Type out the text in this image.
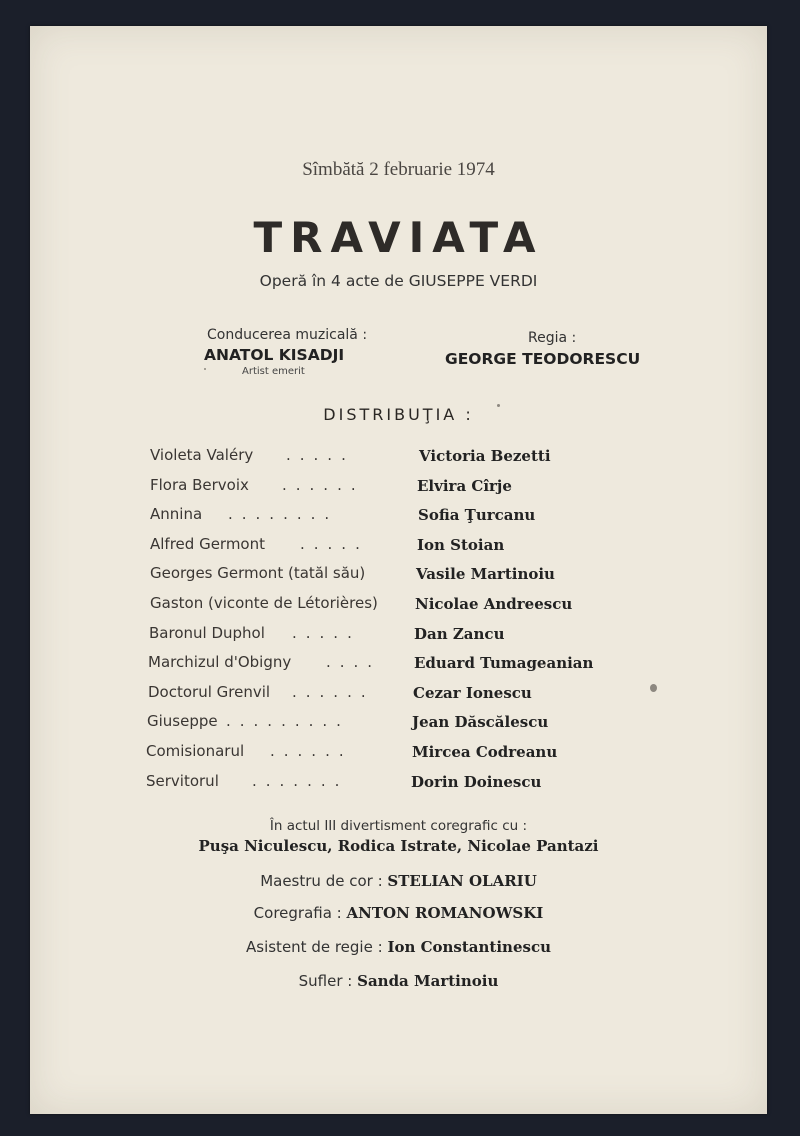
Sîmbătă 2 februarie 1974
TRAVIATA
Operă în 4 acte de GIUSEPPE VERDI
Conducerea muzicală :
ANATOL KISADJI
Artist emerit
Regia :
GEORGE TEODORESCU
DISTRIBUŢIA :
Violeta Valéry .....	Victoria Bezetti
Flora Bervoix ......	Elvira Cîrje
Annina ........	Sofia Ţurcanu
Alfred Germont .....	Ion Stoian
Georges Germont (tatăl său)	Vasile Martinoiu
Gaston (viconte de Létorières) Nicolae Andreescu
Baronul Duphol .....	Dan Zancu
Marchizul d'Obigny .... Eduard Tumageanian
Doctorul Grenvil ......	Cezar Ionescu
Giuseppe .........	Jean Dăscălescu
Comisionarul ......	Mircea Codreanu
Servitorul .......	Dorin Doinescu
În actul III divertisment coregrafic cu :
Puşa Niculescu, Rodica Istrate, Nicolae Pantazi
Maestru de cor : STELIAN OLARIU
Coregrafia : ANTON ROMANOWSKI
Asistent de regie : Ion Constantinescu
Sufler : Sanda Martinoiu
